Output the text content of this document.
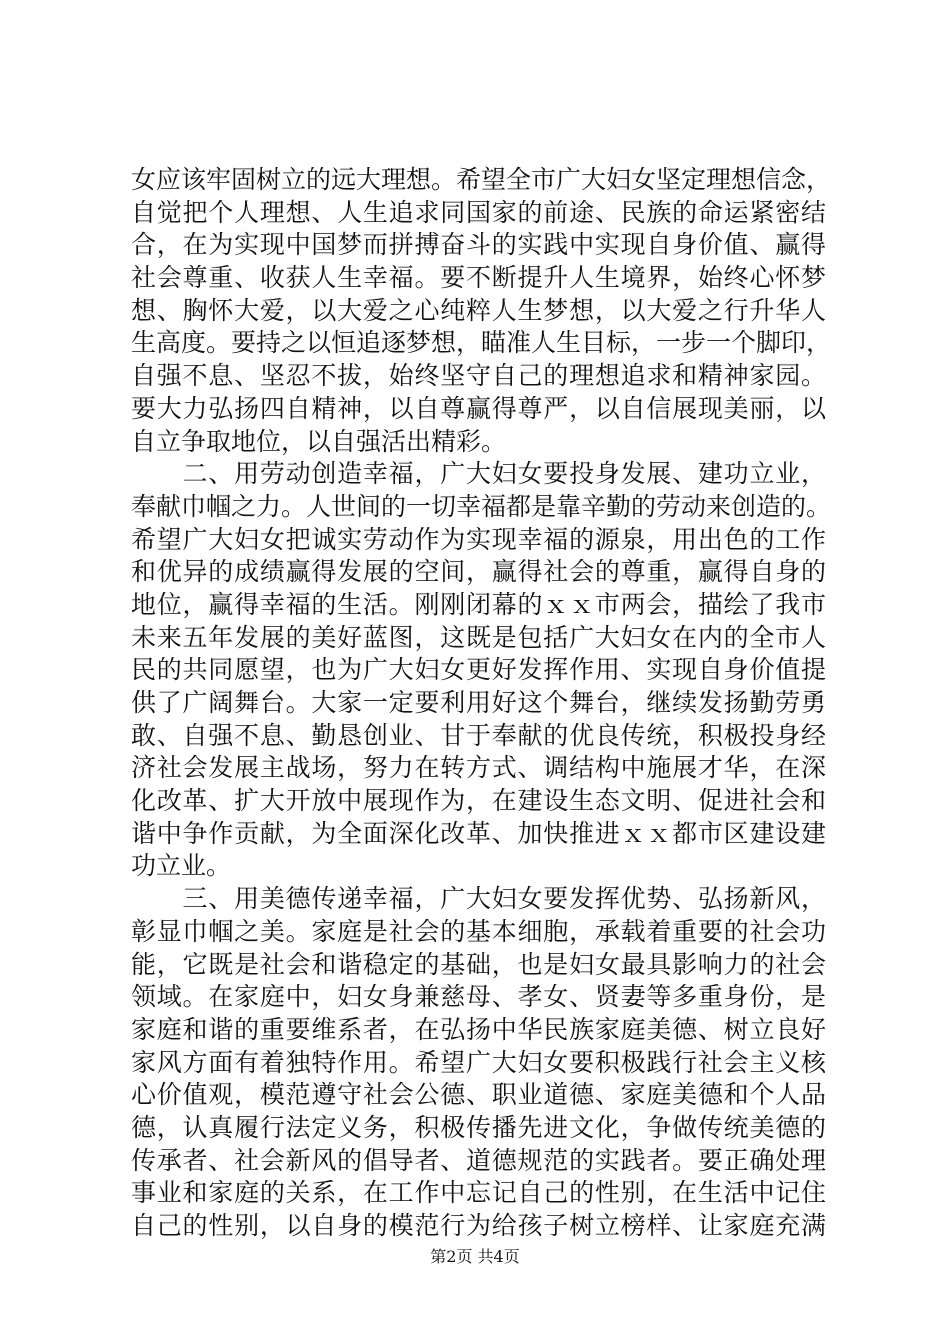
女应该牢固树立的远大理想。希望全市广大妇女坚定理想信念，
自觉把个人理想、人生追求同国家的前途、民族的命运紧密结
合，在为实现中国梦而拼搏奋斗的实践中实现自身价值、赢得
社会尊重、收获人生幸福。要不断提升人生境界，始终心怀梦
想、胸怀大爱，以大爱之心纯粹人生梦想，以大爱之行升华人
生高度。要持之以恒追逐梦想，瞄准人生目标，一步一个脚印，
自强不息、坚忍不拔，始终坚守自己的理想追求和精神家园。
要大力弘扬四自精神，以自尊赢得尊严，以自信展现美丽，以
自立争取地位，以自强活出精彩。
　　二、用劳动创造幸福，广大妇女要投身发展、建功立业，
奉献巾帼之力。人世间的一切幸福都是靠辛勤的劳动来创造的。
希望广大妇女把诚实劳动作为实现幸福的源泉，用出色的工作
和优异的成绩赢得发展的空间，赢得社会的尊重，赢得自身的
地位，赢得幸福的生活。刚刚闭幕的ｘｘ市两会，描绘了我市
未来五年发展的美好蓝图，这既是包括广大妇女在内的全市人
民的共同愿望，也为广大妇女更好发挥作用、实现自身价值提
供了广阔舞台。大家一定要利用好这个舞台，继续发扬勤劳勇
敢、自强不息、勤恳创业、甘于奉献的优良传统，积极投身经
济社会发展主战场，努力在转方式、调结构中施展才华，在深
化改革、扩大开放中展现作为，在建设生态文明、促进社会和
谐中争作贡献，为全面深化改革、加快推进ｘｘ都市区建设建
功立业。
　　三、用美德传递幸福，广大妇女要发挥优势、弘扬新风，
彰显巾帼之美。家庭是社会的基本细胞，承载着重要的社会功
能，它既是社会和谐稳定的基础，也是妇女最具影响力的社会
领域。在家庭中，妇女身兼慈母、孝女、贤妻等多重身份，是
家庭和谐的重要维系者，在弘扬中华民族家庭美德、树立良好
家风方面有着独特作用。希望广大妇女要积极践行社会主义核
心价值观，模范遵守社会公德、职业道德、家庭美德和个人品
德，认真履行法定义务，积极传播先进文化，争做传统美德的
传承者、社会新风的倡导者、道德规范的实践者。要正确处理
事业和家庭的关系，在工作中忘记自己的性别，在生活中记住
自己的性别，以自身的模范行为给孩子树立榜样、让家庭充满
第2页 共4页
